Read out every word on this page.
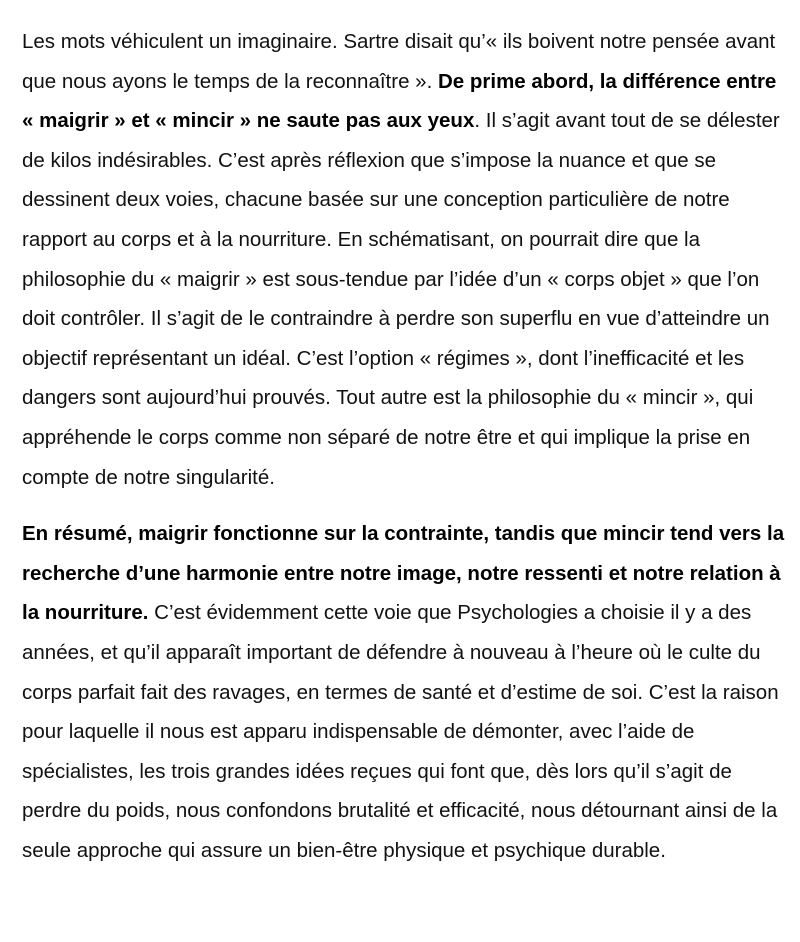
Les mots véhiculent un imaginaire. Sartre disait qu’« ils boivent notre pensée avant que nous ayons le temps de la reconnaître ». De prime abord, la différence entre « maigrir » et « mincir » ne saute pas aux yeux. Il s’agit avant tout de se délester de kilos indésirables. C’est après réflexion que s’impose la nuance et que se dessinent deux voies, chacune basée sur une conception particulière de notre rapport au corps et à la nourriture. En schématisant, on pourrait dire que la philosophie du « maigrir » est sous-tendue par l’idée d’un « corps objet » que l’on doit contrôler. Il s’agit de le contraindre à perdre son superflu en vue d’atteindre un objectif représentant un idéal. C’est l’option « régimes », dont l’inefficacité et les dangers sont aujourd’hui prouvés. Tout autre est la philosophie du « mincir », qui appréhende le corps comme non séparé de notre être et qui implique la prise en compte de notre singularité.

En résumé, maigrir fonctionne sur la contrainte, tandis que mincir tend vers la recherche d’une harmonie entre notre image, notre ressenti et notre relation à la nourriture. C’est évidemment cette voie que Psychologies a choisie il y a des années, et qu’il apparaît important de défendre à nouveau à l’heure où le culte du corps parfait fait des ravages, en termes de santé et d’estime de soi. C’est la raison pour laquelle il nous est apparu indispensable de démonter, avec l’aide de spécialistes, les trois grandes idées reçues qui font que, dès lors qu’il s’agit de perdre du poids, nous confondons brutalité et efficacité, nous détournant ainsi de la seule approche qui assure un bien-être physique et psychique durable.
